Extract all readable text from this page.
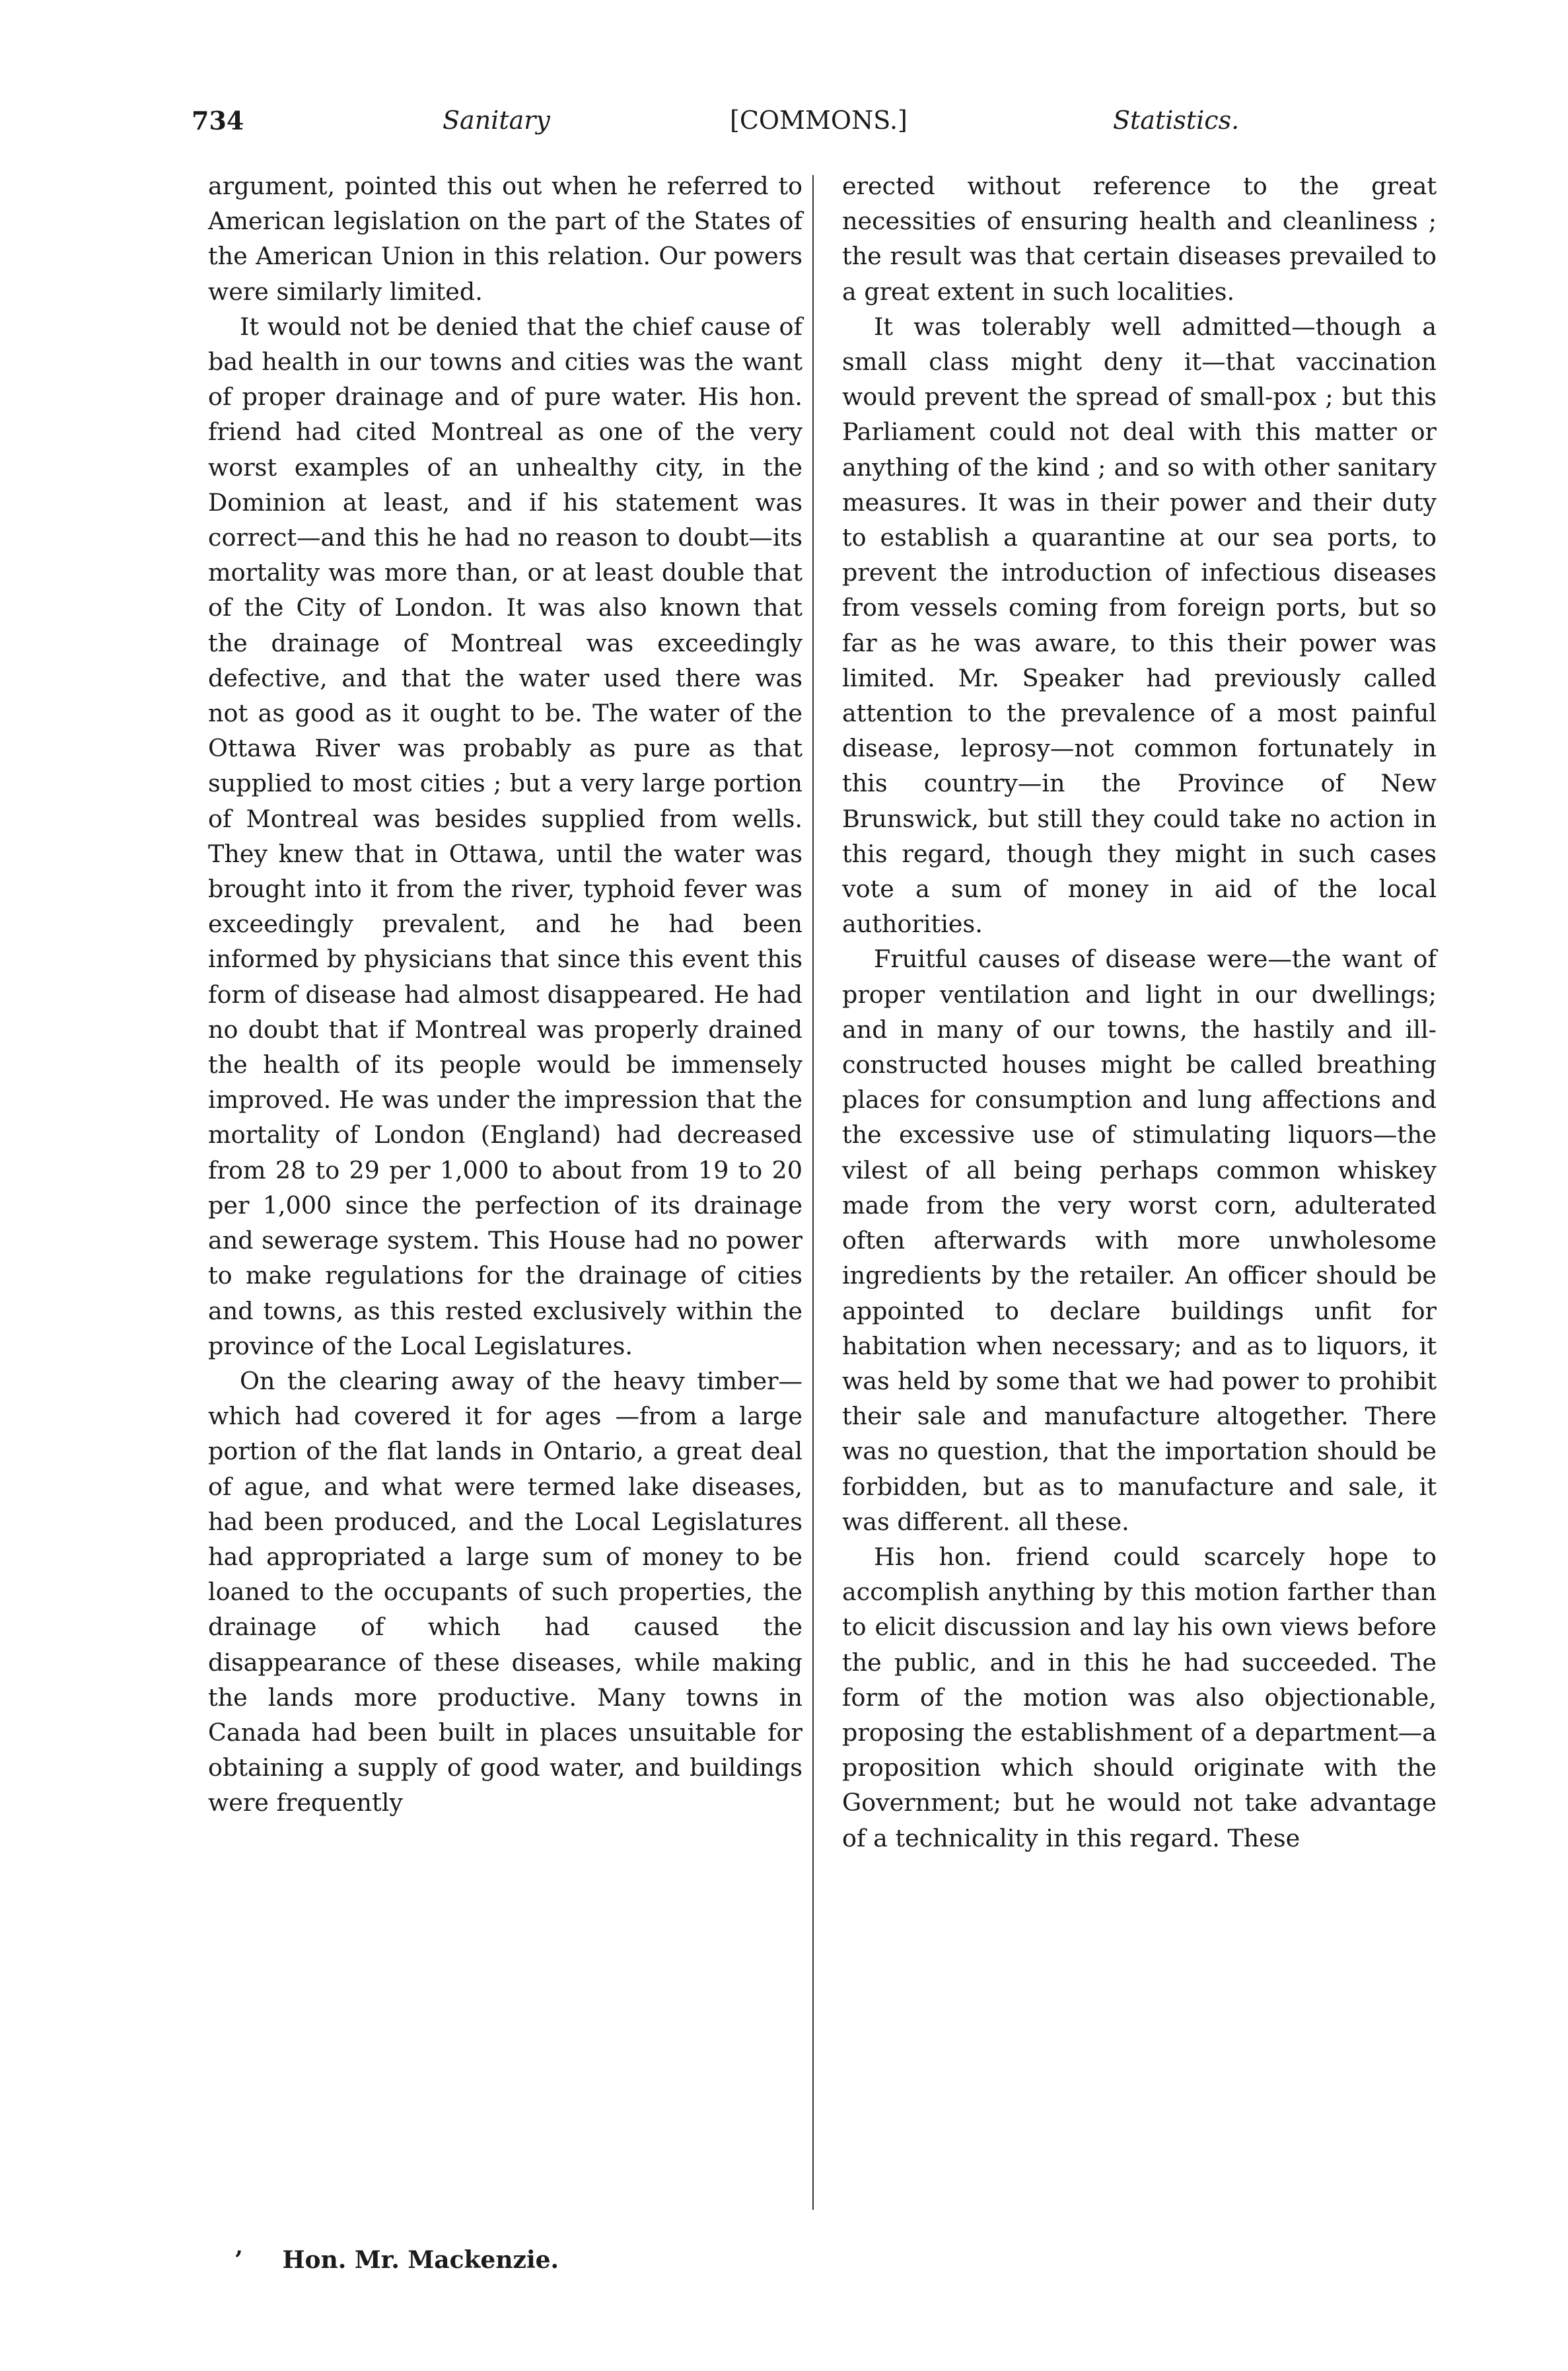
734	Sanitary	[COMMONS.]	Statistics.

argument, pointed this out when he referred to American legislation on the part of the States of the American Union in this relation. Our powers were similarly limited.

It would not be denied that the chief cause of bad health in our towns and cities was the want of proper drainage and of pure water. His hon. friend had cited Montreal as one of the very worst examples of an unhealthy city, in the Dominion at least, and if his statement was correct—and this he had no reason to doubt—its mortality was more than, or at least double that of the City of London. It was also known that the drainage of Montreal was exceedingly defective, and that the water used there was not as good as it ought to be. The water of the Ottawa River was probably as pure as that supplied to most cities ; but a very large portion of Montreal was besides supplied from wells. They knew that in Ottawa, until the water was brought into it from the river, typhoid fever was exceedingly prevalent, and he had been informed by physicians that since this event this form of disease had almost disappeared. He had no doubt that if Montreal was properly drained the health of its people would be immensely improved. He was under the impression that the mortality of London (England) had decreased from 28 to 29 per 1,000 to about from 19 to 20 per 1,000 since the perfection of its drainage and sewerage system. This House had no power to make regulations for the drainage of cities and towns, as this rested exclusively within the province of the Local Legislatures.

On the clearing away of the heavy timber—which had covered it for ages —from a large portion of the flat lands in Ontario, a great deal of ague, and what were termed lake diseases, had been produced, and the Local Legislatures had appropriated a large sum of money to be loaned to the occupants of such properties, the drainage of which had caused the disappearance of these diseases, while making the lands more productive. Many towns in Canada had been built in places unsuitable for obtaining a supply of good water, and buildings were frequently

erected without reference to the great necessities of ensuring health and cleanliness ; the result was that certain diseases prevailed to a great extent in such localities.

It was tolerably well admitted—though a small class might deny it—that vaccination would prevent the spread of small-pox ; but this Parliament could not deal with this matter or anything of the kind ; and so with other sanitary measures. It was in their power and their duty to establish a quarantine at our sea ports, to prevent the introduction of infectious diseases from vessels coming from foreign ports, but so far as he was aware, to this their power was limited. Mr. Speaker had previously called attention to the prevalence of a most painful disease, leprosy—not common fortunately in this country—in the Province of New Brunswick, but still they could take no action in this regard, though they might in such cases vote a sum of money in aid of the local authorities.

Fruitful causes of disease were—the want of proper ventilation and light in our dwellings; and in many of our towns, the hastily and ill-constructed houses might be called breathing places for consumption and lung affections and the excessive use of stimulating liquors—the vilest of all being perhaps common whiskey made from the very worst corn, adulterated often afterwards with more unwholesome ingredients by the retailer. An officer should be appointed to declare buildings unfit for habitation when necessary; and as to liquors, it was held by some that we had power to prohibit their sale and manufacture altogether. There was no question, that the importation should be forbidden, but as to manufacture and sale, it was different. all these.

His hon. friend could scarcely hope to accomplish anything by this motion farther than to elicit discussion and lay his own views before the public, and in this he had succeeded. The form of the motion was also objectionable, proposing the establishment of a department—a proposition which should originate with the Government; but he would not take advantage of a technicality in this regard. These

’ Hon. Mr. Mackenzie.
